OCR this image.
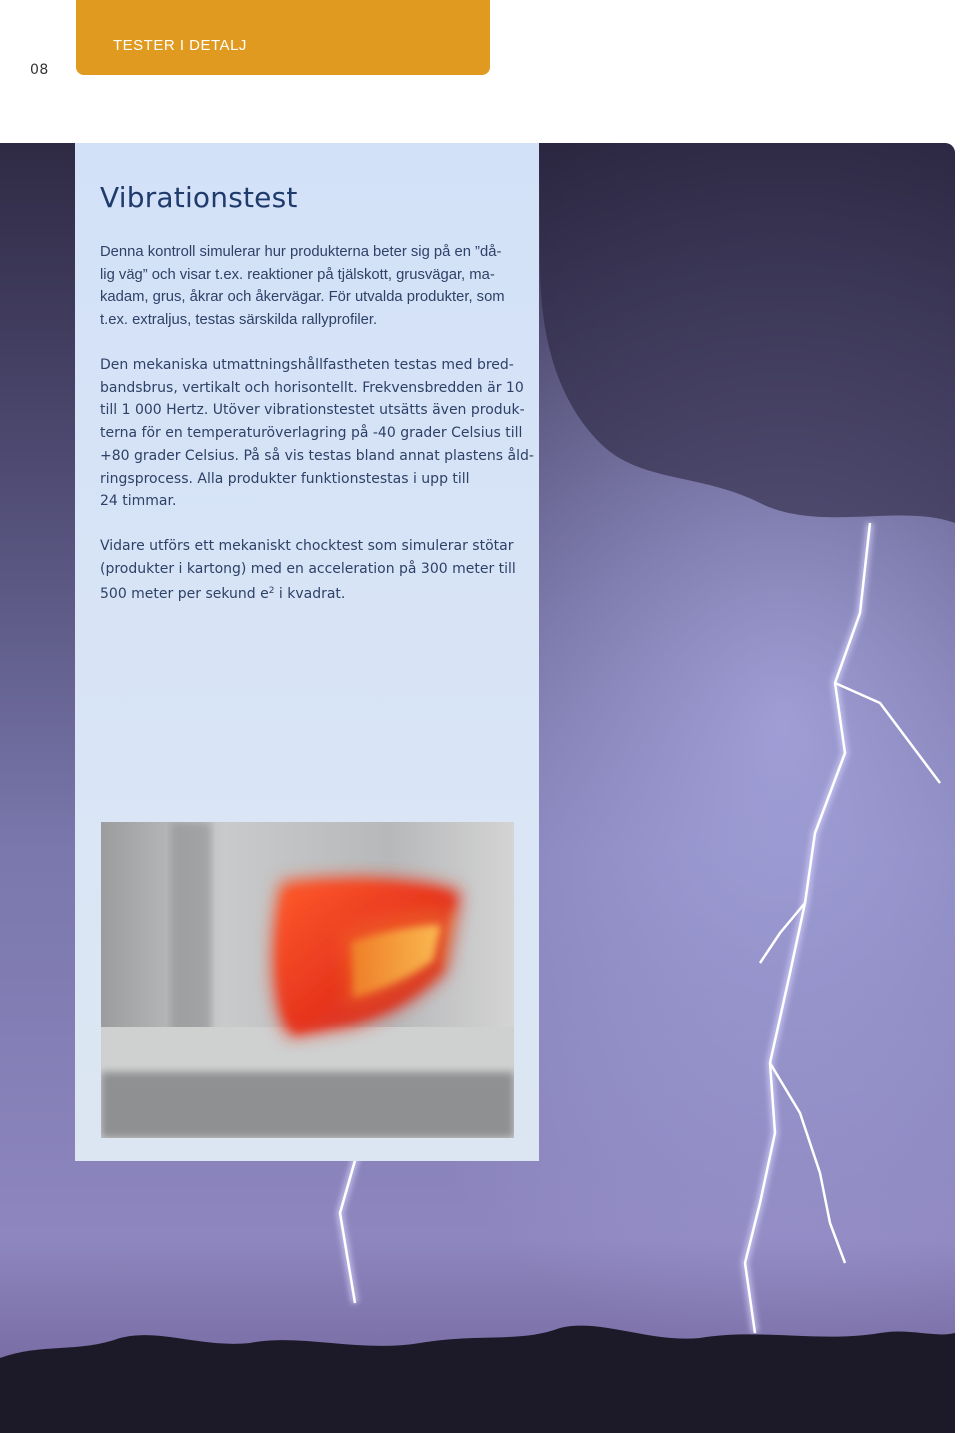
08
TESTER I DETALJ
Vibrationstest

Denna kontroll simulerar hur produkterna beter sig på en ”då-
lig väg” och visar t.ex. reaktioner på tjälskott, grusvägar, ma-
kadam, grus, åkrar och åkervägar. För utvalda produkter, som
t.ex. extraljus, testas särskilda rallyprofiler.

Den mekaniska utmattningshållfastheten testas med bred-
bandsbrus, vertikalt och horisontellt. Frekvensbredden är 10
till 1 000 Hertz. Utöver vibrationstestet utsätts även produk-
terna för en temperaturöverlagring på -40 grader Celsius till
+80 grader Celsius. På så vis testas bland annat plastens åld-
ringsprocess. Alla produkter funktionstestas i upp till
24 timmar.

Vidare utförs ett mekaniskt chocktest som simulerar stötar
(produkter i kartong) med en acceleration på 300 meter till
500 meter per sekund $e^2$ i kvadrat.
